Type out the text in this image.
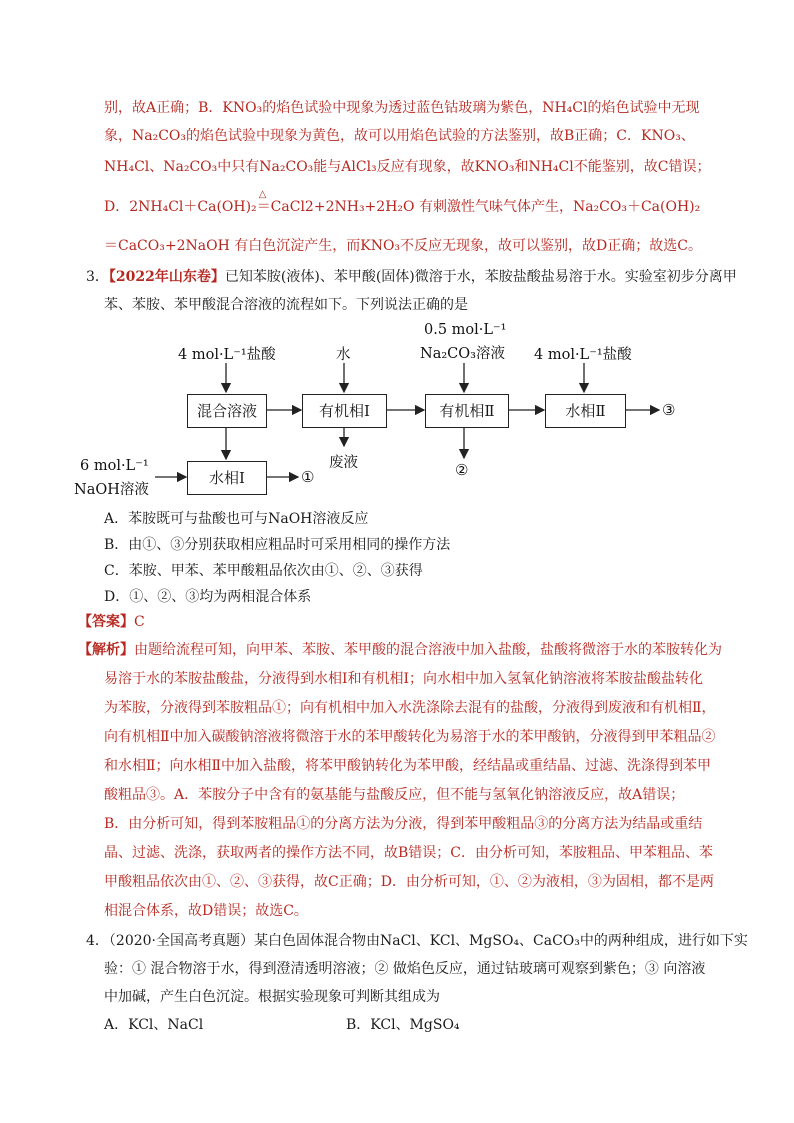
别，故A正确；B．KNO₃的焰色试验中现象为透过蓝色钴玻璃为紫色，NH₄Cl的焰色试验中无现
象，Na₂CO₃的焰色试验中现象为黄色，故可以用焰色试验的方法鉴别，故B正确；C．KNO₃、
NH₄Cl、Na₂CO₃中只有Na₂CO₃能与AlCl₃反应有现象，故KNO₃和NH₄Cl不能鉴别，故C错误；
D．2NH₄Cl＋Ca(OH)₂
△
＝CaCl2+2NH₃+2H₂O 有刺激性气味气体产生，Na₂CO₃＋Ca(OH)₂
＝CaCO₃+2NaOH 有白色沉淀产生，而KNO₃不反应无现象，故可以鉴别，故D正确；故选C。
3．【2022年山东卷】已知苯胺(液体)、苯甲酸(固体)微溶于水，苯胺盐酸盐易溶于水。实验室初步分离甲
苯、苯胺、苯甲酸混合溶液的流程如下。下列说法正确的是
4 mol·L⁻¹盐酸	水
0.5 mol·L⁻¹
Na₂CO₃溶液 4 mol·L⁻¹盐酸
混合溶液	有机相Ⅰ	有机相Ⅱ	水相Ⅱ
水相Ⅰ
③
①	②
废液
6 mol·L⁻¹
NaOH溶液
A．苯胺既可与盐酸也可与NaOH溶液反应
B．由①、③分别获取相应粗品时可采用相同的操作方法
C．苯胺、甲苯、苯甲酸粗品依次由①、②、③获得
D．①、②、③均为两相混合体系
【答案】C
【解析】由题给流程可知，向甲苯、苯胺、苯甲酸的混合溶液中加入盐酸，盐酸将微溶于水的苯胺转化为
易溶于水的苯胺盐酸盐，分液得到水相Ⅰ和有机相Ⅰ；向水相中加入氢氧化钠溶液将苯胺盐酸盐转化
为苯胺，分液得到苯胺粗品①；向有机相中加入水洗涤除去混有的盐酸，分液得到废液和有机相Ⅱ，
向有机相Ⅱ中加入碳酸钠溶液将微溶于水的苯甲酸转化为易溶于水的苯甲酸钠，分液得到甲苯粗品②
和水相Ⅱ；向水相Ⅱ中加入盐酸，将苯甲酸钠转化为苯甲酸，经结晶或重结晶、过滤、洗涤得到苯甲
酸粗品③。A．苯胺分子中含有的氨基能与盐酸反应，但不能与氢氧化钠溶液反应，故A错误；
B．由分析可知，得到苯胺粗品①的分离方法为分液，得到苯甲酸粗品③的分离方法为结晶或重结
晶、过滤、洗涤，获取两者的操作方法不同，故B错误；C．由分析可知，苯胺粗品、甲苯粗品、苯
甲酸粗品依次由①、②、③获得，故C正确；D．由分析可知，①、②为液相，③为固相，都不是两
相混合体系，故D错误；故选C。
4．（2020·全国高考真题）某白色固体混合物由NaCl、KCl、MgSO₄、CaCO₃中的两种组成，进行如下实
验：① 混合物溶于水，得到澄清透明溶液；② 做焰色反应，通过钴玻璃可观察到紫色；③ 向溶液
中加碱，产生白色沉淀。根据实验现象可判断其组成为
A．KCl、NaCl	B．KCl、MgSO₄
